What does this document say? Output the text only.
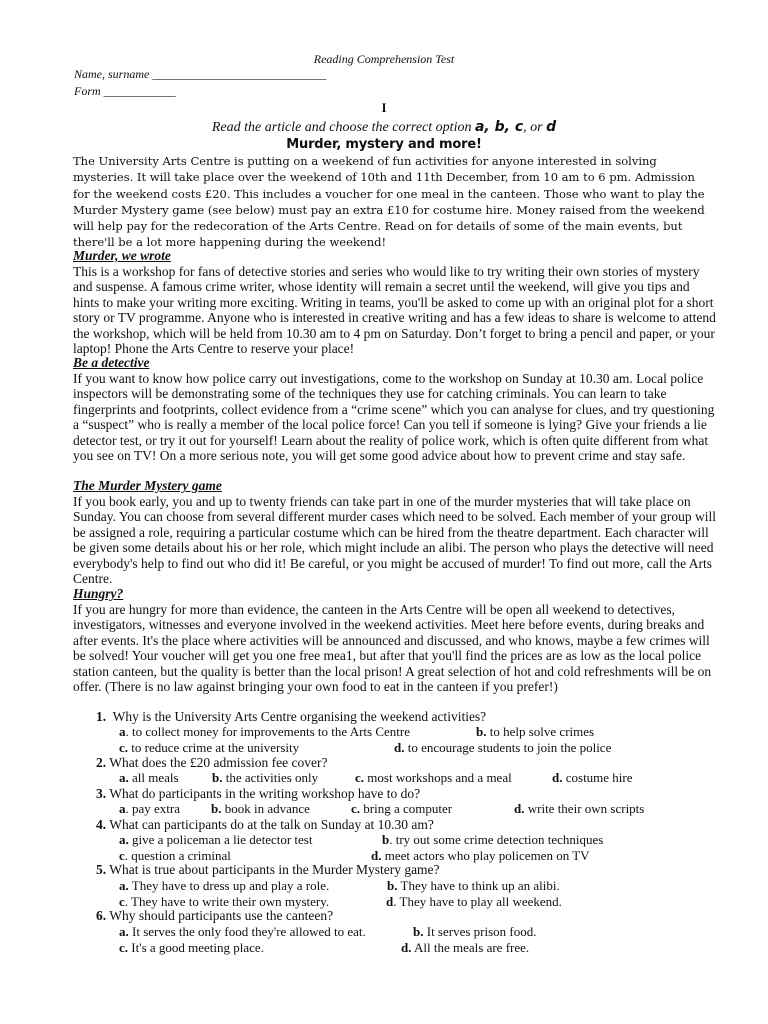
Reading Comprehension Test
Name, surname _____________________________
Form ____________
I
Read the article and choose the correct option a, b, c, or d
Murder, mystery and more!
The University Arts Centre is putting on a weekend of fun activities for anyone interested in solving mysteries. It will take place over the weekend of 10th and 11th December, from 10 am to 6 pm. Admission for the weekend costs £20. This includes a voucher for one meal in the canteen. Those who want to play the Murder Mystery game (see below) must pay an extra £10 for costume hire. Money raised from the weekend will help pay for the redecoration of the Arts Centre. Read on for details of some of the main events, but there'll be a lot more happening during the weekend!
Murder, we wrote
This is a workshop for fans of detective stories and series who would like to try writing their own stories of mystery and suspense. A famous crime writer, whose identity will remain a secret until the weekend, will give you tips and hints to make your writing more exciting. Writing in teams, you'll be asked to come up with an original plot for a short story or TV programme. Anyone who is interested in creative writing and has a few ideas to share is welcome to attend the workshop, which will be held from 10.30 am to 4 pm on Saturday. Don’t forget to bring a pencil and paper, or your laptop! Phone the Arts Centre to reserve your place!
Be a detective
If you want to know how police carry out investigations, come to the workshop on Sunday at 10.30 am. Local police inspectors will be demonstrating some of the techniques they use for catching criminals. You can learn to take fingerprints and footprints, collect evidence from a “crime scene” which you can analyse for clues, and try questioning a “suspect” who is really a member of the local police force! Can you tell if someone is lying? Give your friends a lie detector test, or try it out for yourself! Learn about the reality of police work, which is often quite different from what you see on TV! On a more serious note, you will get some good advice about how to prevent crime and stay safe.
The Murder Mystery game
If you book early, you and up to twenty friends can take part in one of the murder mysteries that will take place on Sunday. You can choose from several different murder cases which need to be solved. Each member of your group will be assigned a role, requiring a particular costume which can be hired from the theatre department. Each character will be given some details about his or her role, which might include an alibi. The person who plays the detective will need everybody's help to find out who did it! Be careful, or you might be accused of murder! To find out more, call the Arts Centre.
Hungry?
If you are hungry for more than evidence, the canteen in the Arts Centre will be open all weekend to detectives, investigators, witnesses and everyone involved in the weekend activities. Meet here before events, during breaks and after events. It's the place where activities will be announced and discussed, and who knows, maybe a few crimes will be solved! Your voucher will get you one free mea1, but after that you'll find the prices are as low as the local police station canteen, but the quality is better than the local prison! A great selection of hot and cold refreshments will be on offer. (There is no law against bringing your own food to eat in the canteen if you prefer!)
1. Why is the University Arts Centre organising the weekend activities?
a. to collect money for improvements to the Arts Centre	b. to help solve crimes
c. to reduce crime at the university	d. to encourage students to join the police
2. What does the £20 admission fee cover?
a. all meals	b. the activities only	c. most workshops and a meal	d. costume hire
3. What do participants in the writing workshop have to do?
a. pay extra b. book in advance	c. bring a computer	d. write their own scripts
4. What can participants do at the talk on Sunday at 10.30 am?
a. give a policeman a lie detector test	b. try out some crime detection techniques
c. question a criminal	d. meet actors who play policemen on TV
5. What is true about participants in the Murder Mystery game?
a. They have to dress up and play a role.	b. They have to think up an alibi.
c. They have to write their own mystery.	d. They have to play all weekend.
6. Why should participants use the canteen?
a. It serves the only food they're allowed to eat.	b. It serves prison food.
c. It's a good meeting place.	d. All the meals are free.
